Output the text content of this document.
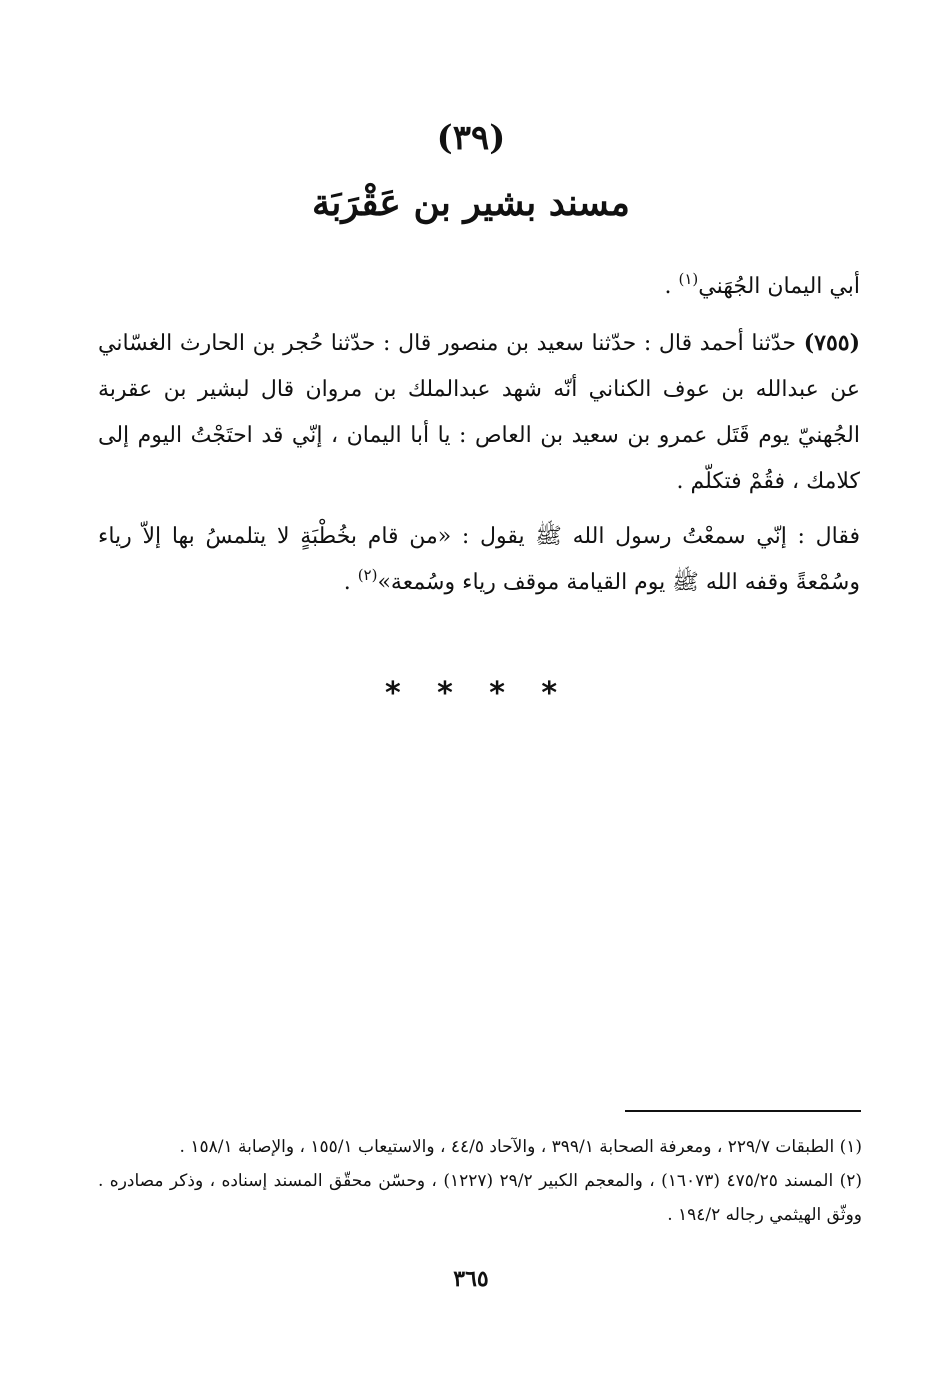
(٣٩)
مسند بشير بن عَقْرَبَة
أبي اليمان الجُهَني$^{(١)}$ .
(٧٥٥) حدّثنا أحمد قال : حدّثنا سعيد بن منصور قال : حدّثنا حُجر بن الحارث الغسّاني عن عبدالله بن عوف الكناني أنّه شهد عبدالملك بن مروان قال لبشير بن عقربة الجُهنيّ يوم قَتَل عمرو بن سعيد بن العاص : يا أبا اليمان ، إنّي قد احتَجْتُ اليوم إلى كلامك ، فقُمْ فتكلّم .
فقال : إنّي سمعْتُ رسول الله ﷺ يقول : «من قام بخُطْبَةٍ لا يتلمسُ بها إلاّ رياء وسُمْعةً وقفه الله ﷺ يوم القيامة موقف رياء وسُمعة»$^{(٢)}$ .
* * * *

(١) الطبقات ٢٢٩/٧ ، ومعرفة الصحابة ٣٩٩/١ ، والآحاد ٤٤/٥ ، والاستيعاب ١٥٥/١ ، والإصابة ١٥٨/١ .

(٢) المسند ٤٧٥/٢٥ (١٦٠٧٣) ، والمعجم الكبير ٢٩/٢ (١٢٢٧) ، وحسّن محقّق المسند إسناده ، وذكر مصادره . ووثّق الهيثمي رجاله ١٩٤/٢ .

٣٦٥
